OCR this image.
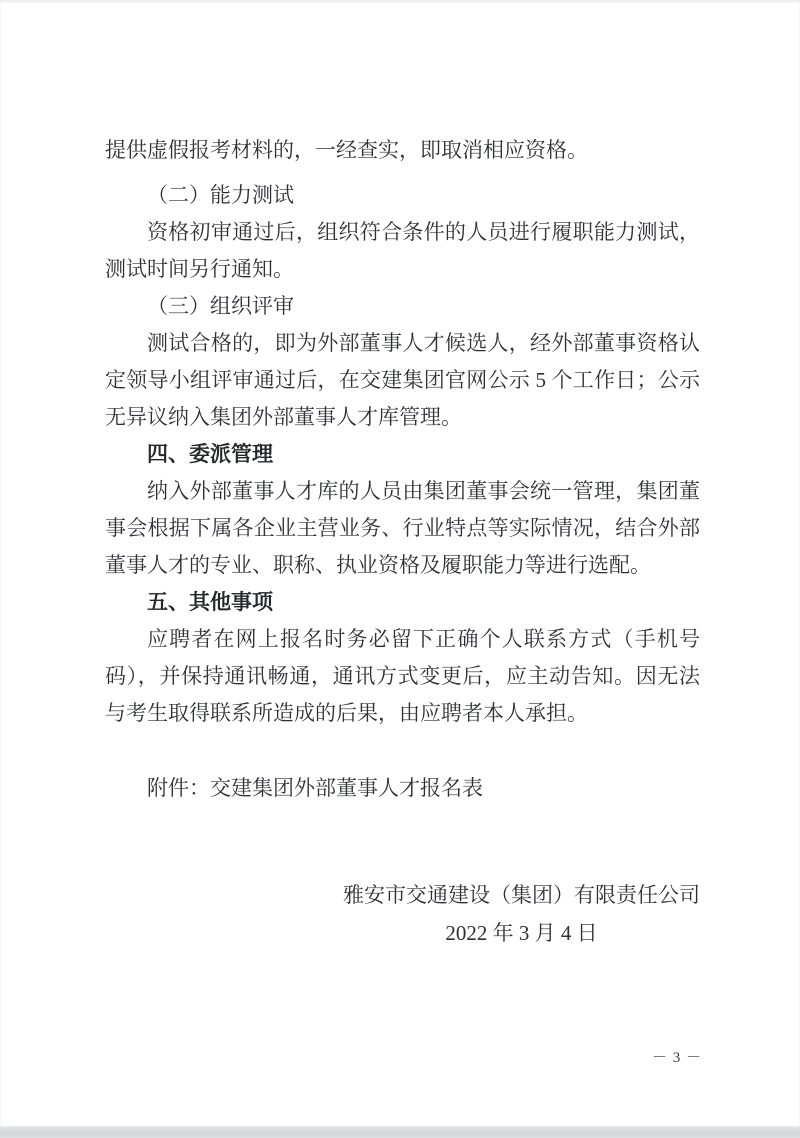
提供虚假报考材料的，一经查实，即取消相应资格。
（二）能力测试
资格初审通过后，组织符合条件的人员进行履职能力测试，
测试时间另行通知。
（三）组织评审
测试合格的，即为外部董事人才候选人，经外部董事资格认
定领导小组评审通过后，在交建集团官网公示 5 个工作日；公示
无异议纳入集团外部董事人才库管理。
四、委派管理
纳入外部董事人才库的人员由集团董事会统一管理，集团董
事会根据下属各企业主营业务、行业特点等实际情况，结合外部
董事人才的专业、职称、执业资格及履职能力等进行选配。
五、其他事项
应聘者在网上报名时务必留下正确个人联系方式（手机号
码），并保持通讯畅通，通讯方式变更后，应主动告知。因无法
与考生取得联系所造成的后果，由应聘者本人承担。
附件：交建集团外部董事人才报名表
雅安市交通建设（集团）有限责任公司
2022 年 3 月 4 日
－ 3 －
